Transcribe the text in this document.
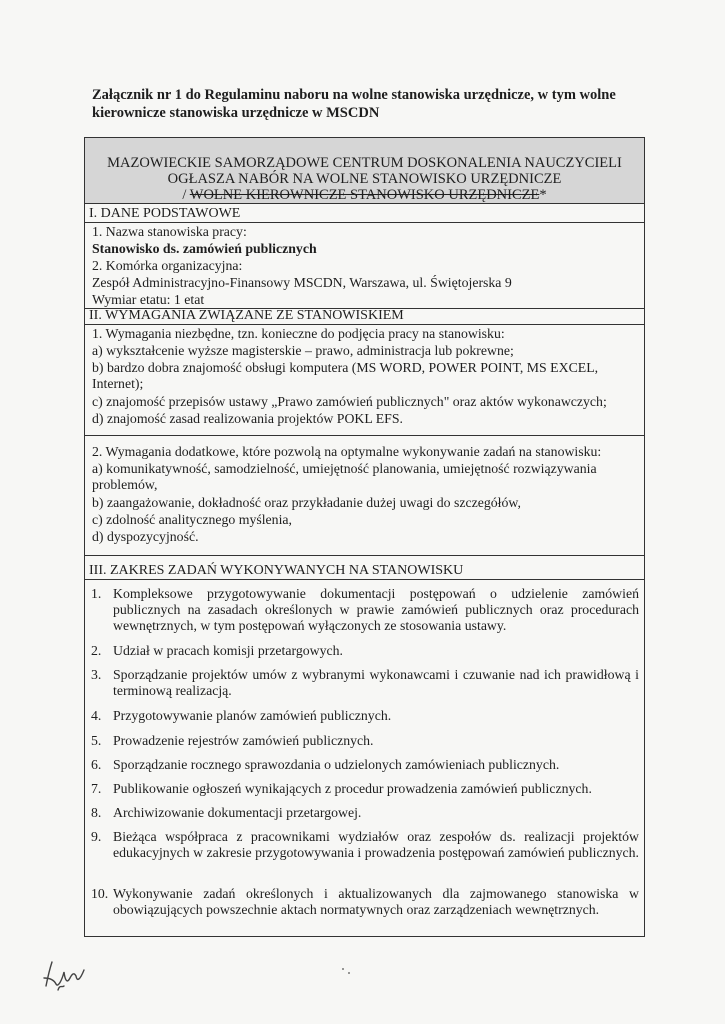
Załącznik nr 1 do Regulaminu naboru na wolne stanowiska urzędnicze, w tym wolne kierownicze stanowiska urzędnicze w MSCDN
MAZOWIECKIE SAMORZĄDOWE CENTRUM DOSKONALENIA NAUCZYCIELI
OGŁASZA NABÓR NA WOLNE STANOWISKO URZĘDNICZE
/ WOLNE KIEROWNICZE STANOWISKO URZĘDNICZE*
I. DANE PODSTAWOWE
1. Nazwa stanowiska pracy:
Stanowisko ds. zamówień publicznych
2. Komórka organizacyjna:
Zespół Administracyjno-Finansowy MSCDN, Warszawa, ul. Świętojerska 9
Wymiar etatu: 1 etat
II. WYMAGANIA ZWIĄZANE ZE STANOWISKIEM
1. Wymagania niezbędne, tzn. konieczne do podjęcia pracy na stanowisku:
a) wykształcenie wyższe magisterskie – prawo, administracja lub pokrewne;
b) bardzo dobra znajomość obsługi komputera (MS WORD, POWER POINT, MS EXCEL, Internet);
c) znajomość przepisów ustawy „Prawo zamówień publicznych" oraz aktów wykonawczych;
d) znajomość zasad realizowania projektów POKL EFS.
2. Wymagania dodatkowe, które pozwolą na optymalne wykonywanie zadań na stanowisku:
a) komunikatywność, samodzielność, umiejętność planowania, umiejętność rozwiązywania problemów,
b) zaangażowanie, dokładność oraz przykładanie dużej uwagi do szczegółów,
c) zdolność analitycznego myślenia,
d) dyspozycyjność.
III. ZAKRES ZADAŃ WYKONYWANYCH NA STANOWISKU
1. Kompleksowe przygotowywanie dokumentacji postępowań o udzielenie zamówień publicznych na zasadach określonych w prawie zamówień publicznych oraz procedurach wewnętrznych, w tym postępowań wyłączonych ze stosowania ustawy.
2. Udział w pracach komisji przetargowych.
3. Sporządzanie projektów umów z wybranymi wykonawcami i czuwanie nad ich prawidłową i terminową realizacją.
4. Przygotowywanie planów zamówień publicznych.
5. Prowadzenie rejestrów zamówień publicznych.
6. Sporządzanie rocznego sprawozdania o udzielonych zamówieniach publicznych.
7. Publikowanie ogłoszeń wynikających z procedur prowadzenia zamówień publicznych.
8. Archiwizowanie dokumentacji przetargowej.
9. Bieżąca współpraca z pracownikami wydziałów oraz zespołów ds. realizacji projektów edukacyjnych w zakresie przygotowywania i prowadzenia postępowań zamówień publicznych.
10. Wykonywanie zadań określonych i aktualizowanych dla zajmowanego stanowiska w obowiązujących powszechnie aktach normatywnych oraz zarządzeniach wewnętrznych.
